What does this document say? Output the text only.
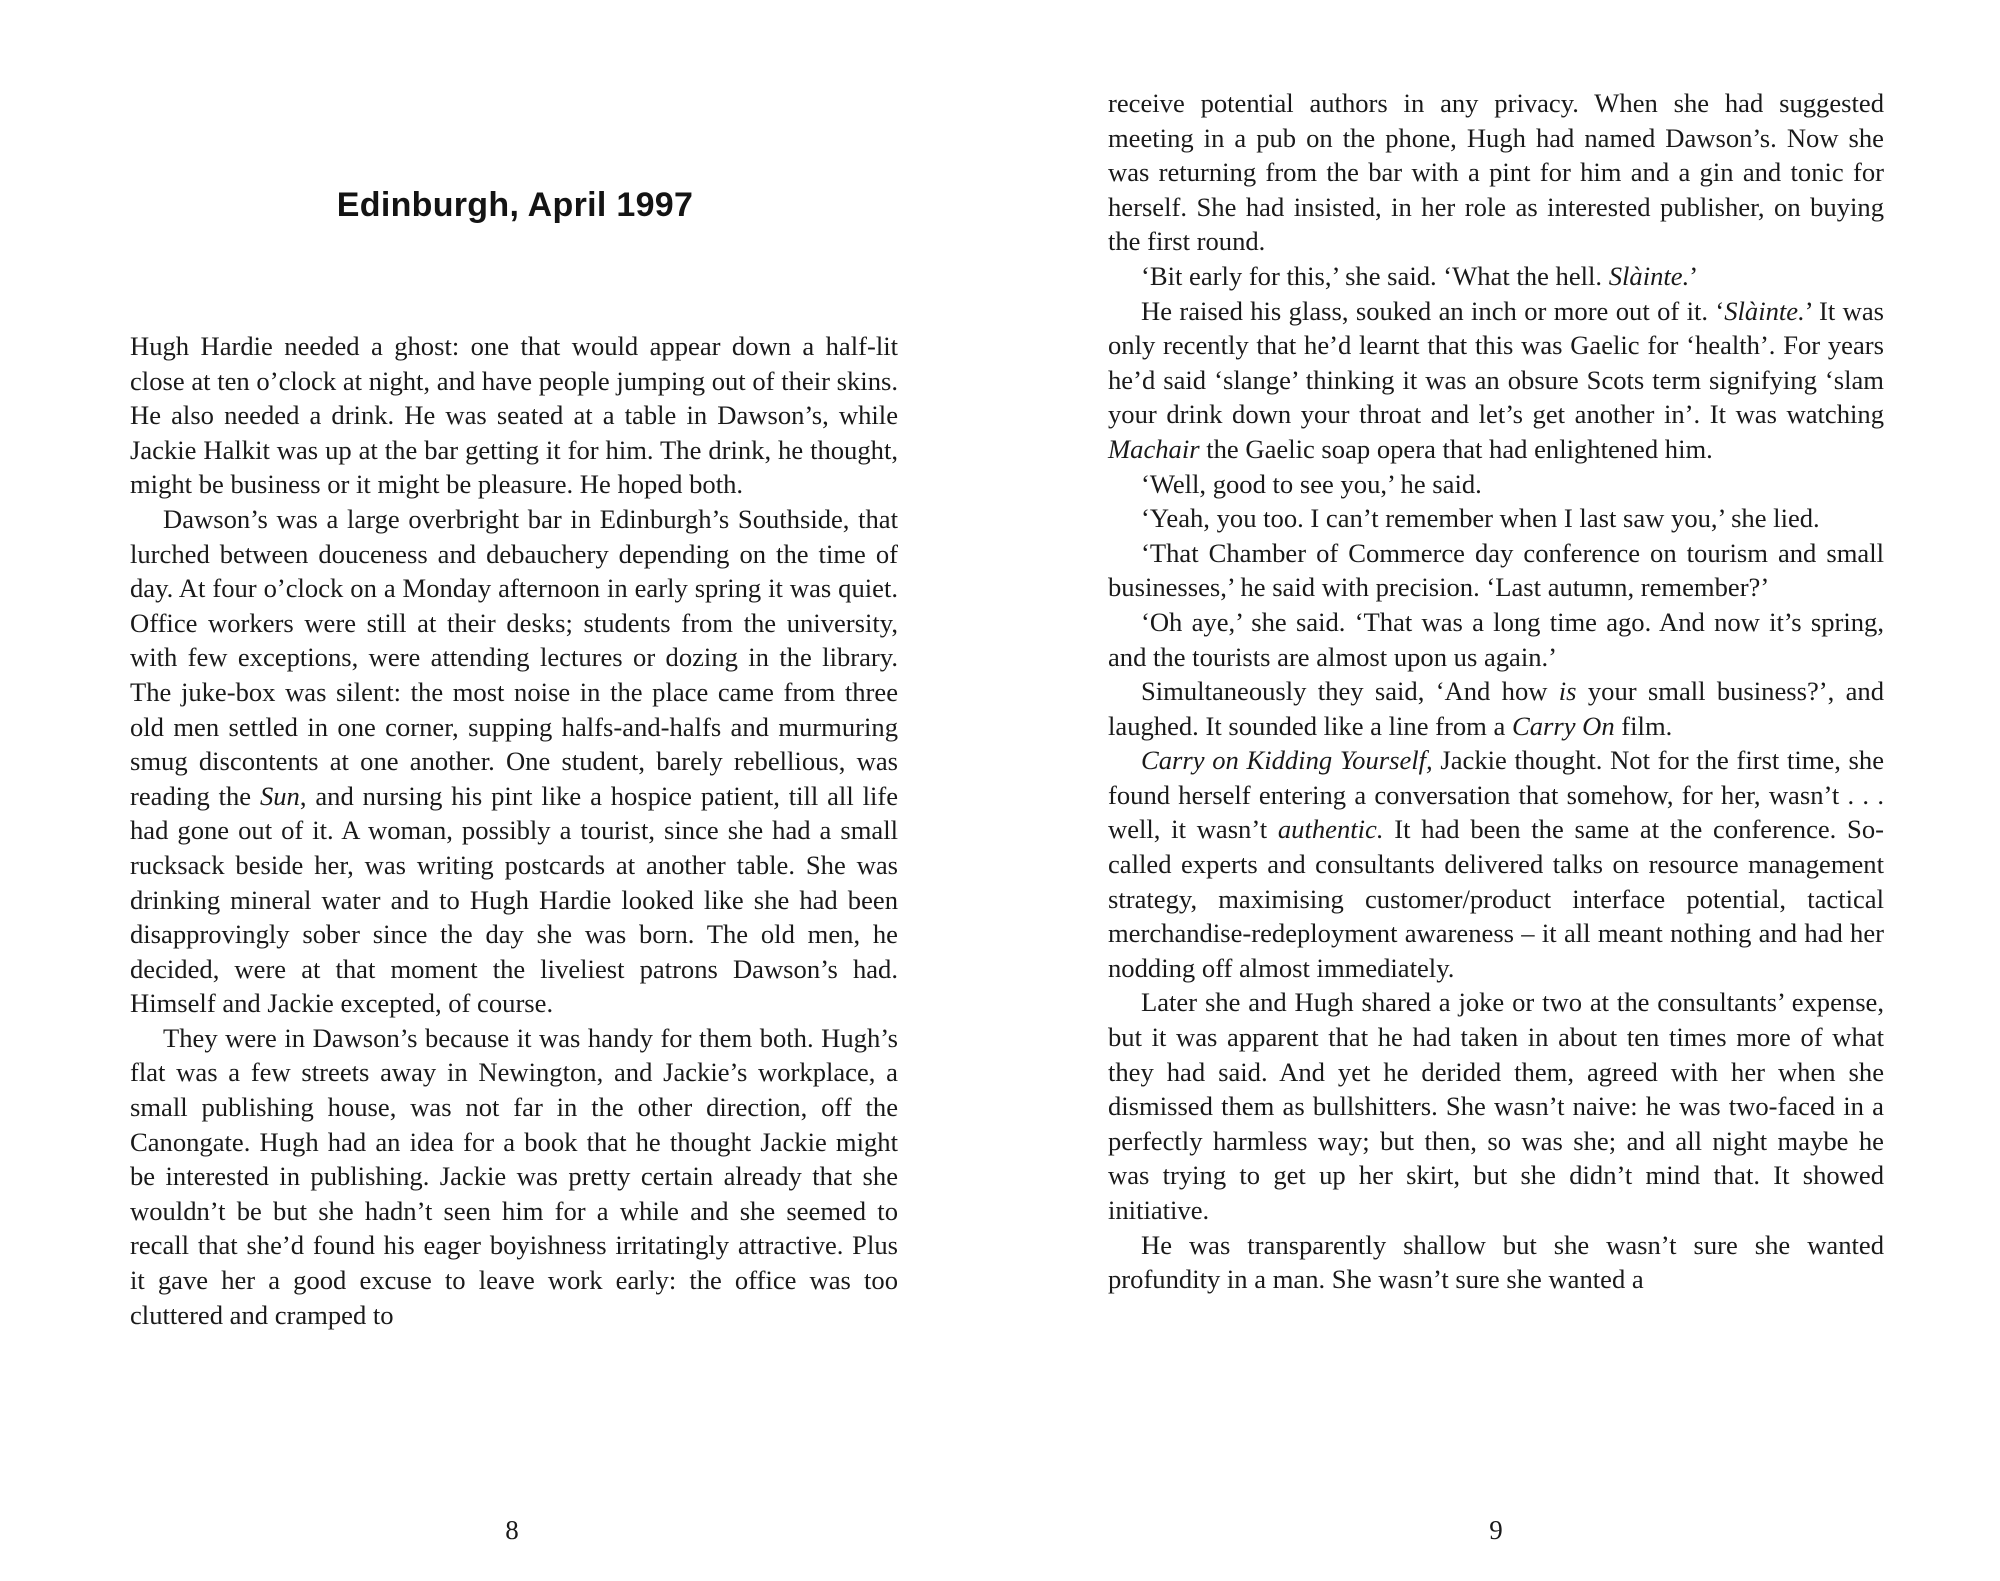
Edinburgh, April 1997

Hugh Hardie needed a ghost: one that would appear down a half-lit close at ten o’clock at night, and have people jumping out of their skins. He also needed a drink. He was seated at a table in Dawson’s, while Jackie Halkit was up at the bar getting it for him. The drink, he thought, might be business or it might be pleasure. He hoped both.

Dawson’s was a large overbright bar in Edinburgh’s Southside, that lurched between douceness and debauchery depending on the time of day. At four o’clock on a Monday afternoon in early spring it was quiet. Office workers were still at their desks; students from the university, with few exceptions, were attending lectures or dozing in the library. The juke-box was silent: the most noise in the place came from three old men settled in one corner, supping halfs-and-halfs and murmuring smug discontents at one another. One student, barely rebellious, was reading the Sun, and nursing his pint like a hospice patient, till all life had gone out of it. A woman, possibly a tourist, since she had a small rucksack beside her, was writing postcards at another table. She was drinking mineral water and to Hugh Hardie looked like she had been disapprovingly sober since the day she was born. The old men, he decided, were at that moment the liveliest patrons Dawson’s had. Himself and Jackie excepted, of course.

They were in Dawson’s because it was handy for them both. Hugh’s flat was a few streets away in Newington, and Jackie’s workplace, a small publishing house, was not far in the other direction, off the Canongate. Hugh had an idea for a book that he thought Jackie might be interested in publishing. Jackie was pretty certain already that she wouldn’t be but she hadn’t seen him for a while and she seemed to recall that she’d found his eager boyishness irritatingly attractive. Plus it gave her a good excuse to leave work early: the office was too cluttered and cramped to

8

receive potential authors in any privacy. When she had suggested meeting in a pub on the phone, Hugh had named Dawson’s. Now she was returning from the bar with a pint for him and a gin and tonic for herself. She had insisted, in her role as interested publisher, on buying the first round.

‘Bit early for this,’ she said. ‘What the hell. Slàinte.’

He raised his glass, souked an inch or more out of it. ‘Slàinte.’ It was only recently that he’d learnt that this was Gaelic for ‘health’. For years he’d said ‘slange’ thinking it was an obsure Scots term signifying ‘slam your drink down your throat and let’s get another in’. It was watching Machair the Gaelic soap opera that had enlightened him.

‘Well, good to see you,’ he said.

‘Yeah, you too. I can’t remember when I last saw you,’ she lied.

‘That Chamber of Commerce day conference on tourism and small businesses,’ he said with precision. ‘Last autumn, remember?’

‘Oh aye,’ she said. ‘That was a long time ago. And now it’s spring, and the tourists are almost upon us again.’

Simultaneously they said, ‘And how is your small business?’, and laughed. It sounded like a line from a Carry On film.

Carry on Kidding Yourself, Jackie thought. Not for the first time, she found herself entering a conversation that somehow, for her, wasn’t . . . well, it wasn’t authentic. It had been the same at the conference. So-called experts and consultants delivered talks on resource management strategy, maximising customer/product interface potential, tactical merchandise-redeployment awareness – it all meant nothing and had her nodding off almost immediately.

Later she and Hugh shared a joke or two at the consultants’ expense, but it was apparent that he had taken in about ten times more of what they had said. And yet he derided them, agreed with her when she dismissed them as bullshitters. She wasn’t naive: he was two-faced in a perfectly harmless way; but then, so was she; and all night maybe he was trying to get up her skirt, but she didn’t mind that. It showed initiative.

He was transparently shallow but she wasn’t sure she wanted profundity in a man. She wasn’t sure she wanted a

9
